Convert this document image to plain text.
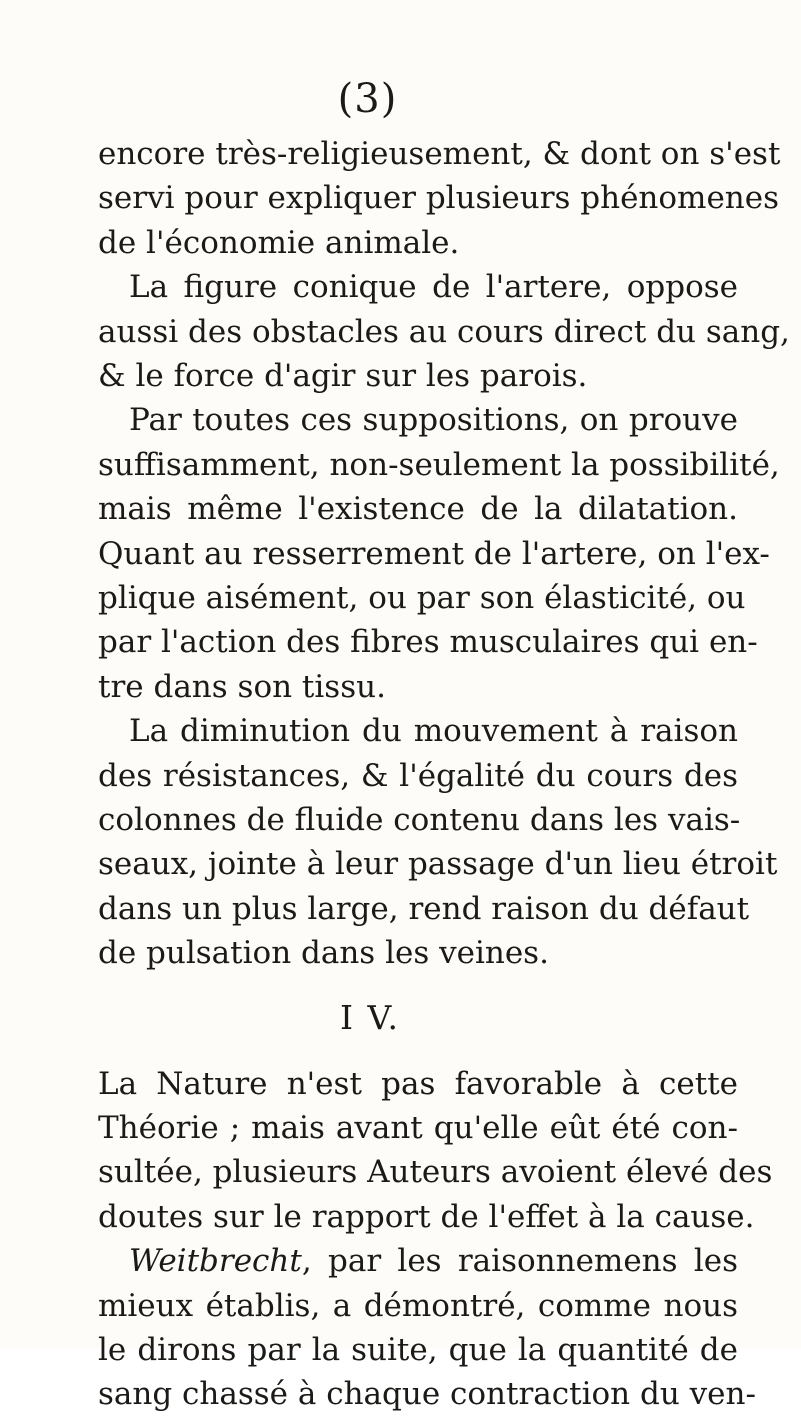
(3)
encore très-religieusement, & dont on s'est
servi pour expliquer plusieurs phénomenes
de l'économie animale.
La figure conique de l'artere, oppose
aussi des obstacles au cours direct du sang,
& le force d'agir sur les parois.
Par toutes ces suppositions, on prouve
suffisamment, non-seulement la possibilité,
mais même l'existence de la dilatation.
Quant au resserrement de l'artere, on l'ex-
plique aisément, ou par son élasticité, ou
par l'action des fibres musculaires qui en-
tre dans son tissu.
La diminution du mouvement à raison
des résistances, & l'égalité du cours des
colonnes de fluide contenu dans les vais-
seaux, jointe à leur passage d'un lieu étroit
dans un plus large, rend raison du défaut
de pulsation dans les veines.
I V.
La Nature n'est pas favorable à cette
Théorie ; mais avant qu'elle eût été con-
sultée, plusieurs Auteurs avoient élevé des
doutes sur le rapport de l'effet à la cause.
Weitbrecht, par les raisonnemens les
mieux établis, a démontré, comme nous
le dirons par la suite, que la quantité de
sang chassé à chaque contraction du ven-
